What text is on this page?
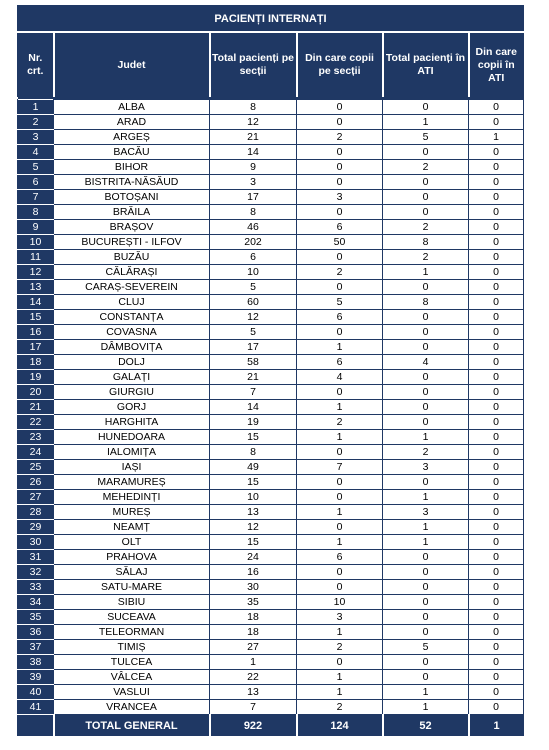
PACIENȚI INTERNAȚI					
Nr. crt.	Judet	Total pacienți pe secții	Din care copii pe secții	Total pacienți în ATI	Din care copii în ATI

1	ALBA	8	0	0	0
2	ARAD	12	0	1	0
3	ARGEȘ	21	2	5	1
4	BACĂU	14	0	0	0
5	BIHOR	9	0	2	0
6	BISTRITA-NĂSĂUD	3	0	0	0
7	BOTOȘANI	17	3	0	0
8	BRĂILA	8	0	0	0
9	BRAȘOV	46	6	2	0
10	BUCUREȘTI - ILFOV	202	50	8	0
11	BUZĂU	6	0	2	0
12	CĂLĂRAȘI	10	2	1	0
13	CARAȘ-SEVEREIN	5	0	0	0
14	CLUJ	60	5	8	0
15	CONSTANȚA	12	6	0	0
16	COVASNA	5	0	0	0
17	DÂMBOVIȚA	17	1	0	0
18	DOLJ	58	6	4	0
19	GALAȚI	21	4	0	0
20	GIURGIU	7	0	0	0
21	GORJ	14	1	0	0
22	HARGHITA	19	2	0	0
23	HUNEDOARA	15	1	1	0
24	IALOMIȚA	8	0	2	0
25	IAȘI	49	7	3	0
26	MARAMUREȘ	15	0	0	0
27	MEHEDINȚI	10	0	1	0
28	MUREȘ	13	1	3	0
29	NEAMȚ	12	0	1	0
30	OLT	15	1	1	0
31	PRAHOVA	24	6	0	0
32	SĂLAJ	16	0	0	0
33	SATU-MARE	30	0	0	0
34	SIBIU	35	10	0	0
35	SUCEAVA	18	3	0	0
36	TELEORMAN	18	1	0	0
37	TIMIȘ	27	2	5	0
38	TULCEA	1	0	0	0
39	VÂLCEA	22	1	0	0
40	VASLUI	13	1	1	0
41	VRANCEA	7	2	1	0
	TOTAL GENERAL	922	124	52	1
